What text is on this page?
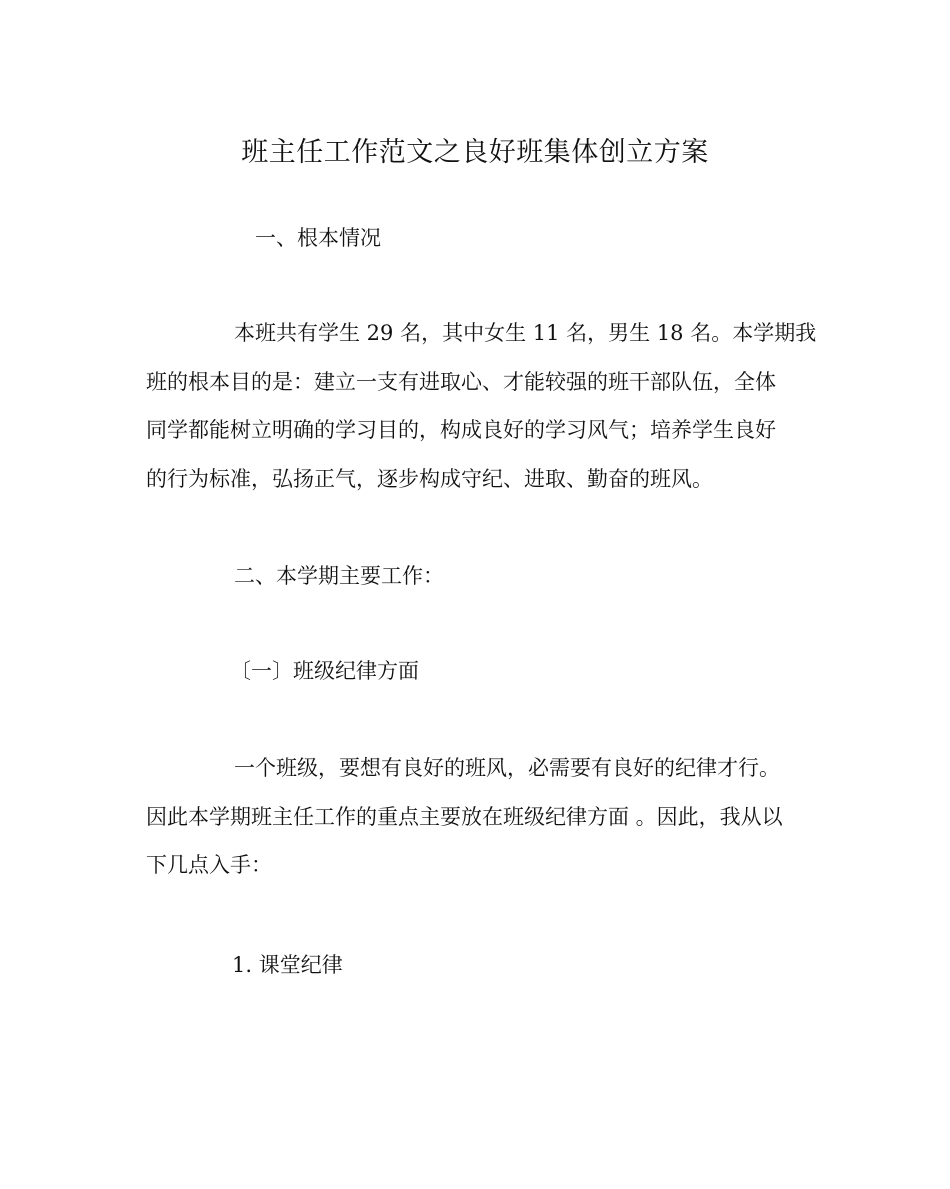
班主任工作范文之良好班集体创立方案
一、根本情况
本班共有学生 29 名，其中女生 11 名，男生 18 名。本学期我
班的根本目的是：建立一支有进取心、才能较强的班干部队伍，全体
同学都能树立明确的学习目的，构成良好的学习风气；培养学生良好
的行为标准，弘扬正气，逐步构成守纪、进取、勤奋的班风。
二、本学期主要工作：
〔一〕班级纪律方面
一个班级，要想有良好的班风，必需要有良好的纪律才行。
因此本学期班主任工作的重点主要放在班级纪律方面 。因此，我从以
下几点入手：
1. 课堂纪律
